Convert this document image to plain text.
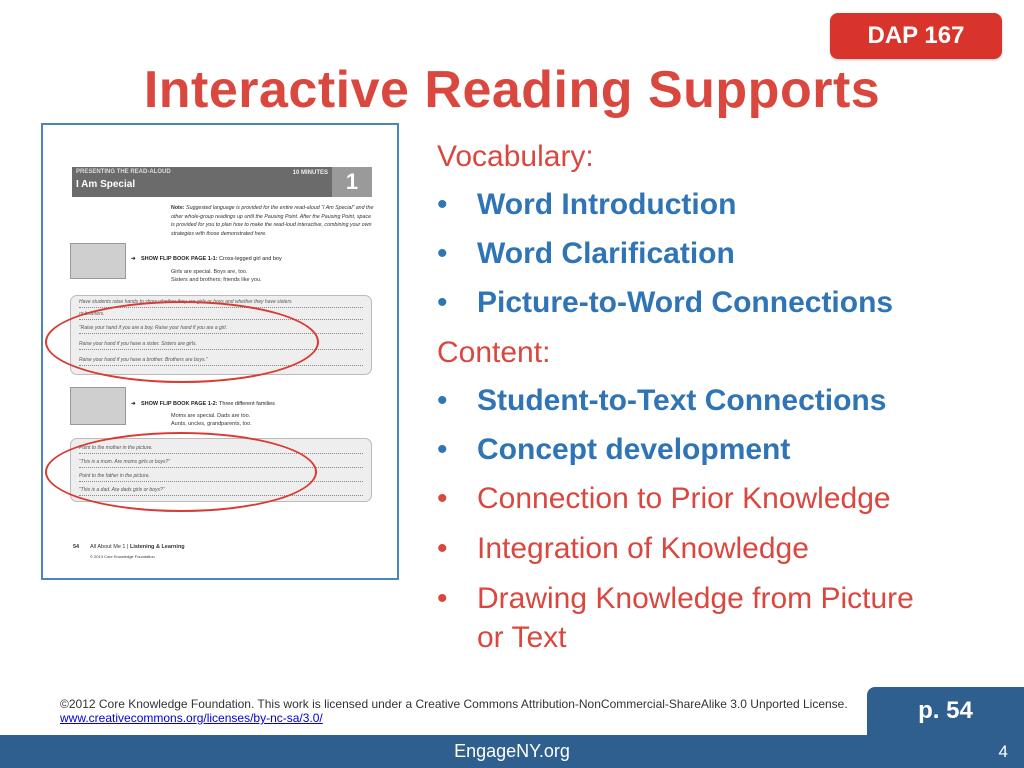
DAP 167
Interactive Reading Supports
PRESENTING THE READ-ALOUD
I Am Special
10 MINUTES 1
Note: Suggested language is provided for the entire read-aloud “I Am Special” and the other whole-group readings up until the Pausing Point. After the Pausing Point, space is provided for you to plan how to make the read-loud interactive, combining your own strategies with those demonstrated here.
➜ SHOW FLIP BOOK PAGE 1-1: Cross-legged girl and boy
Girls are special. Boys are, too.
Sisters and brothers; friends like you.
Have students raise hands to show whether they are girls or boys and whether they have sisters
or brothers.
“Raise your hand if you are a boy. Raise your hand if you are a girl.
Raise your hand if you have a sister. Sisters are girls.
Raise your hand if you have a brother. Brothers are boys.”
➜ SHOW FLIP BOOK PAGE 1-2: Three different families
Moms are special. Dads are too.
Aunts, uncles, grandparents, too.
Point to the mother in the picture.
“This is a mom. Are moms girls or boys?”
Point to the father in the picture.
“This is a dad. Are dads girls or boys?”
54 All About Me 1 | Listening & Learning
© 2013 Core Knowledge Foundation
Vocabulary:
• Word Introduction
• Word Clarification
• Picture-to-Word Connections
Content:
• Student-to-Text Connections
• Concept development
• Connection to Prior Knowledge
• Integration of Knowledge
• Drawing Knowledge from Picture
or Text
©2012 Core Knowledge Foundation. This work is licensed under a Creative Commons Attribution-NonCommercial-ShareAlike 3.0 Unported License. www.creativecommons.org/licenses/by-nc-sa/3.0/	p. 54
EngageNY.org	4
